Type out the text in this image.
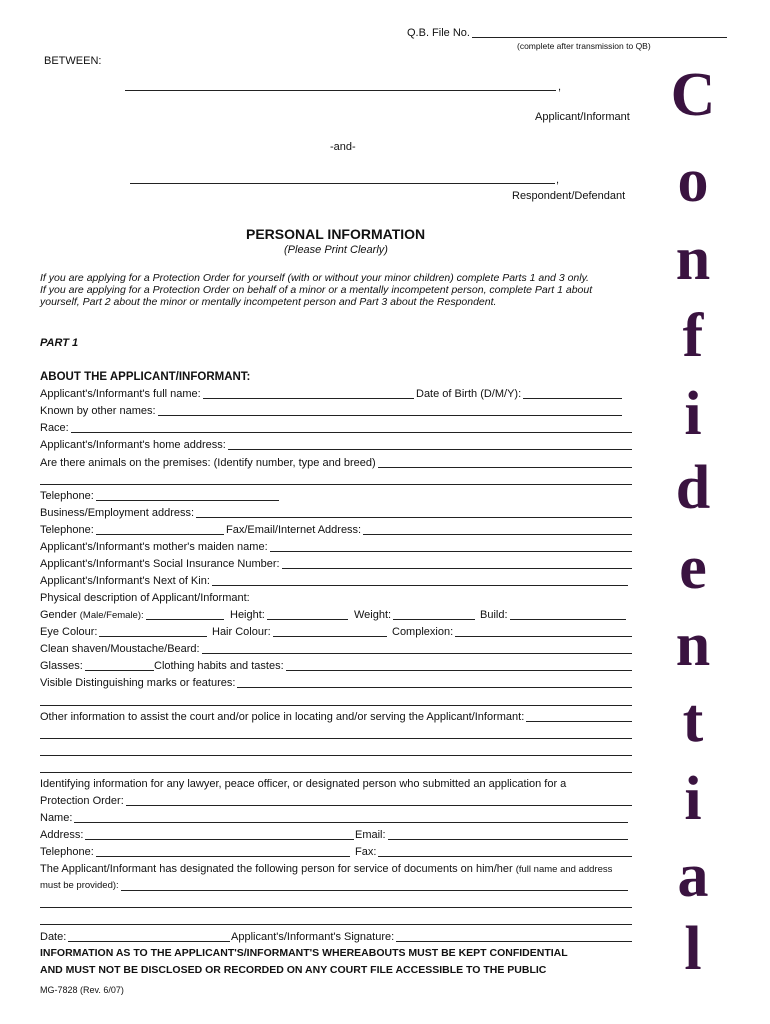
Q.B. File No.
(complete after transmission to QB)
BETWEEN:
,
Applicant/Informant
-and-
,
Respondent/Defendant
PERSONAL INFORMATION
(Please Print Clearly)
If you are applying for a Protection Order for yourself (with or without your minor children) complete Parts 1 and 3 only.
If you are applying for a Protection Order on behalf of a minor or a mentally incompetent person, complete Part 1 about
yourself, Part 2 about the minor or mentally incompetent person and Part 3 about the Respondent.
PART 1
ABOUT THE APPLICANT/INFORMANT:
Applicant's/Informant's full name:	Date of Birth (D/M/Y):
Known by other names:
Race:
Applicant's/Informant's home address:
Are there animals on the premises: (Identify number, type and breed)
Telephone:
Business/Employment address:
Telephone:	Fax/Email/Internet Address:
Applicant's/Informant's mother's maiden name:
Applicant's/Informant's Social Insurance Number:
Applicant's/Informant's Next of Kin:
Physical description of Applicant/Informant:
Gender (Male/Female):	Height:	Weight:	Build:
Eye Colour:	Hair Colour:	Complexion:
Clean shaven/Moustache/Beard:
Glasses:	Clothing habits and tastes:
Visible Distinguishing marks or features:
Other information to assist the court and/or police in locating and/or serving the Applicant/Informant:
Identifying information for any lawyer, peace officer, or designated person who submitted an application for a
Protection Order:
Name:
Address:	Email:
Telephone:	Fax:
The Applicant/Informant has designated the following person for service of documents on him/her (full name and address
must be provided):
Date:	Applicant's/Informant's Signature:
INFORMATION AS TO THE APPLICANT'S/INFORMANT'S WHEREABOUTS MUST BE KEPT CONFIDENTIAL
AND MUST NOT BE DISCLOSED OR RECORDED ON ANY COURT FILE ACCESSIBLE TO THE PUBLIC
MG-7828 (Rev. 6/07)
C
o
n
f
i
d
e
n
t
i
a
l
